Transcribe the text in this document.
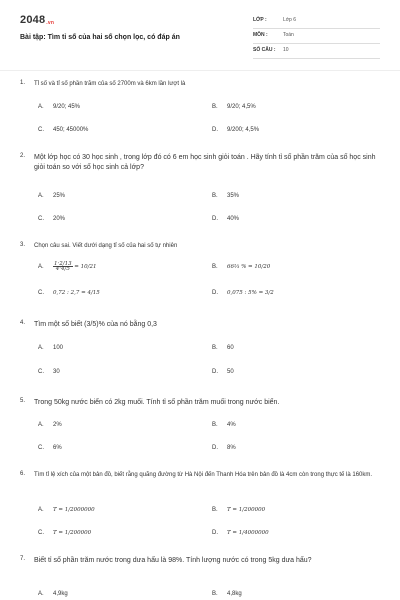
2048.vn
Bài tập: Tìm tỉ số của hai số chọn lọc, có đáp án
LỚP :	Lớp 6
MÔN :	Toán
SỐ CÂU : 10
1. Tỉ số và tỉ số phần trăm của số 2700m và 6km lần lượt là
A. 9/20; 45%	B. 9/20; 4,5%
C. 450; 45000%	D. 9/200; 4,5%
2. Một lớp học có 30 học sinh , trong lớp đó có 6 em học sinh giỏi toán . Hãy tính tỉ số phần trăm của số học sinh giỏi toán so với số học sinh cả lớp?
A. 25%	B. 35%
C. 20%	D. 40%
3. Chọn câu sai. Viết dưới dạng tỉ số của hai số tự nhiên
A. $\frac{1\cdot 2/13}{4\cdot 4/5} = 10/21$	B. 66⅔ % = 10/20
C. 0,72 : 2,7 = 4/15	D. 0,075 : 5% = 3/2
4. Tìm một số biết (3/5)% của nó bằng 0,3
A. 100	B. 60
C. 30	D. 50
5. Trong 50kg nước biển có 2kg muối. Tính tỉ số phần trăm muối trong nước biển.
A. 2%	B. 4%
C. 6%	D. 8%
6. Tìm tỉ lệ xích của một bản đồ, biết rằng quãng đường từ Hà Nội đến Thanh Hóa trên bản đồ là 4cm còn trong thực tế là 160km.
A. T = 1/2000000	B. T = 1/200000
C. T = 1/200000	D. T = 1/4000000
7. Biết tỉ số phần trăm nước trong dưa hấu là 98%. Tính lượng nước có trong 5kg dưa hấu?
A. 4,9kg	B. 4,8kg
